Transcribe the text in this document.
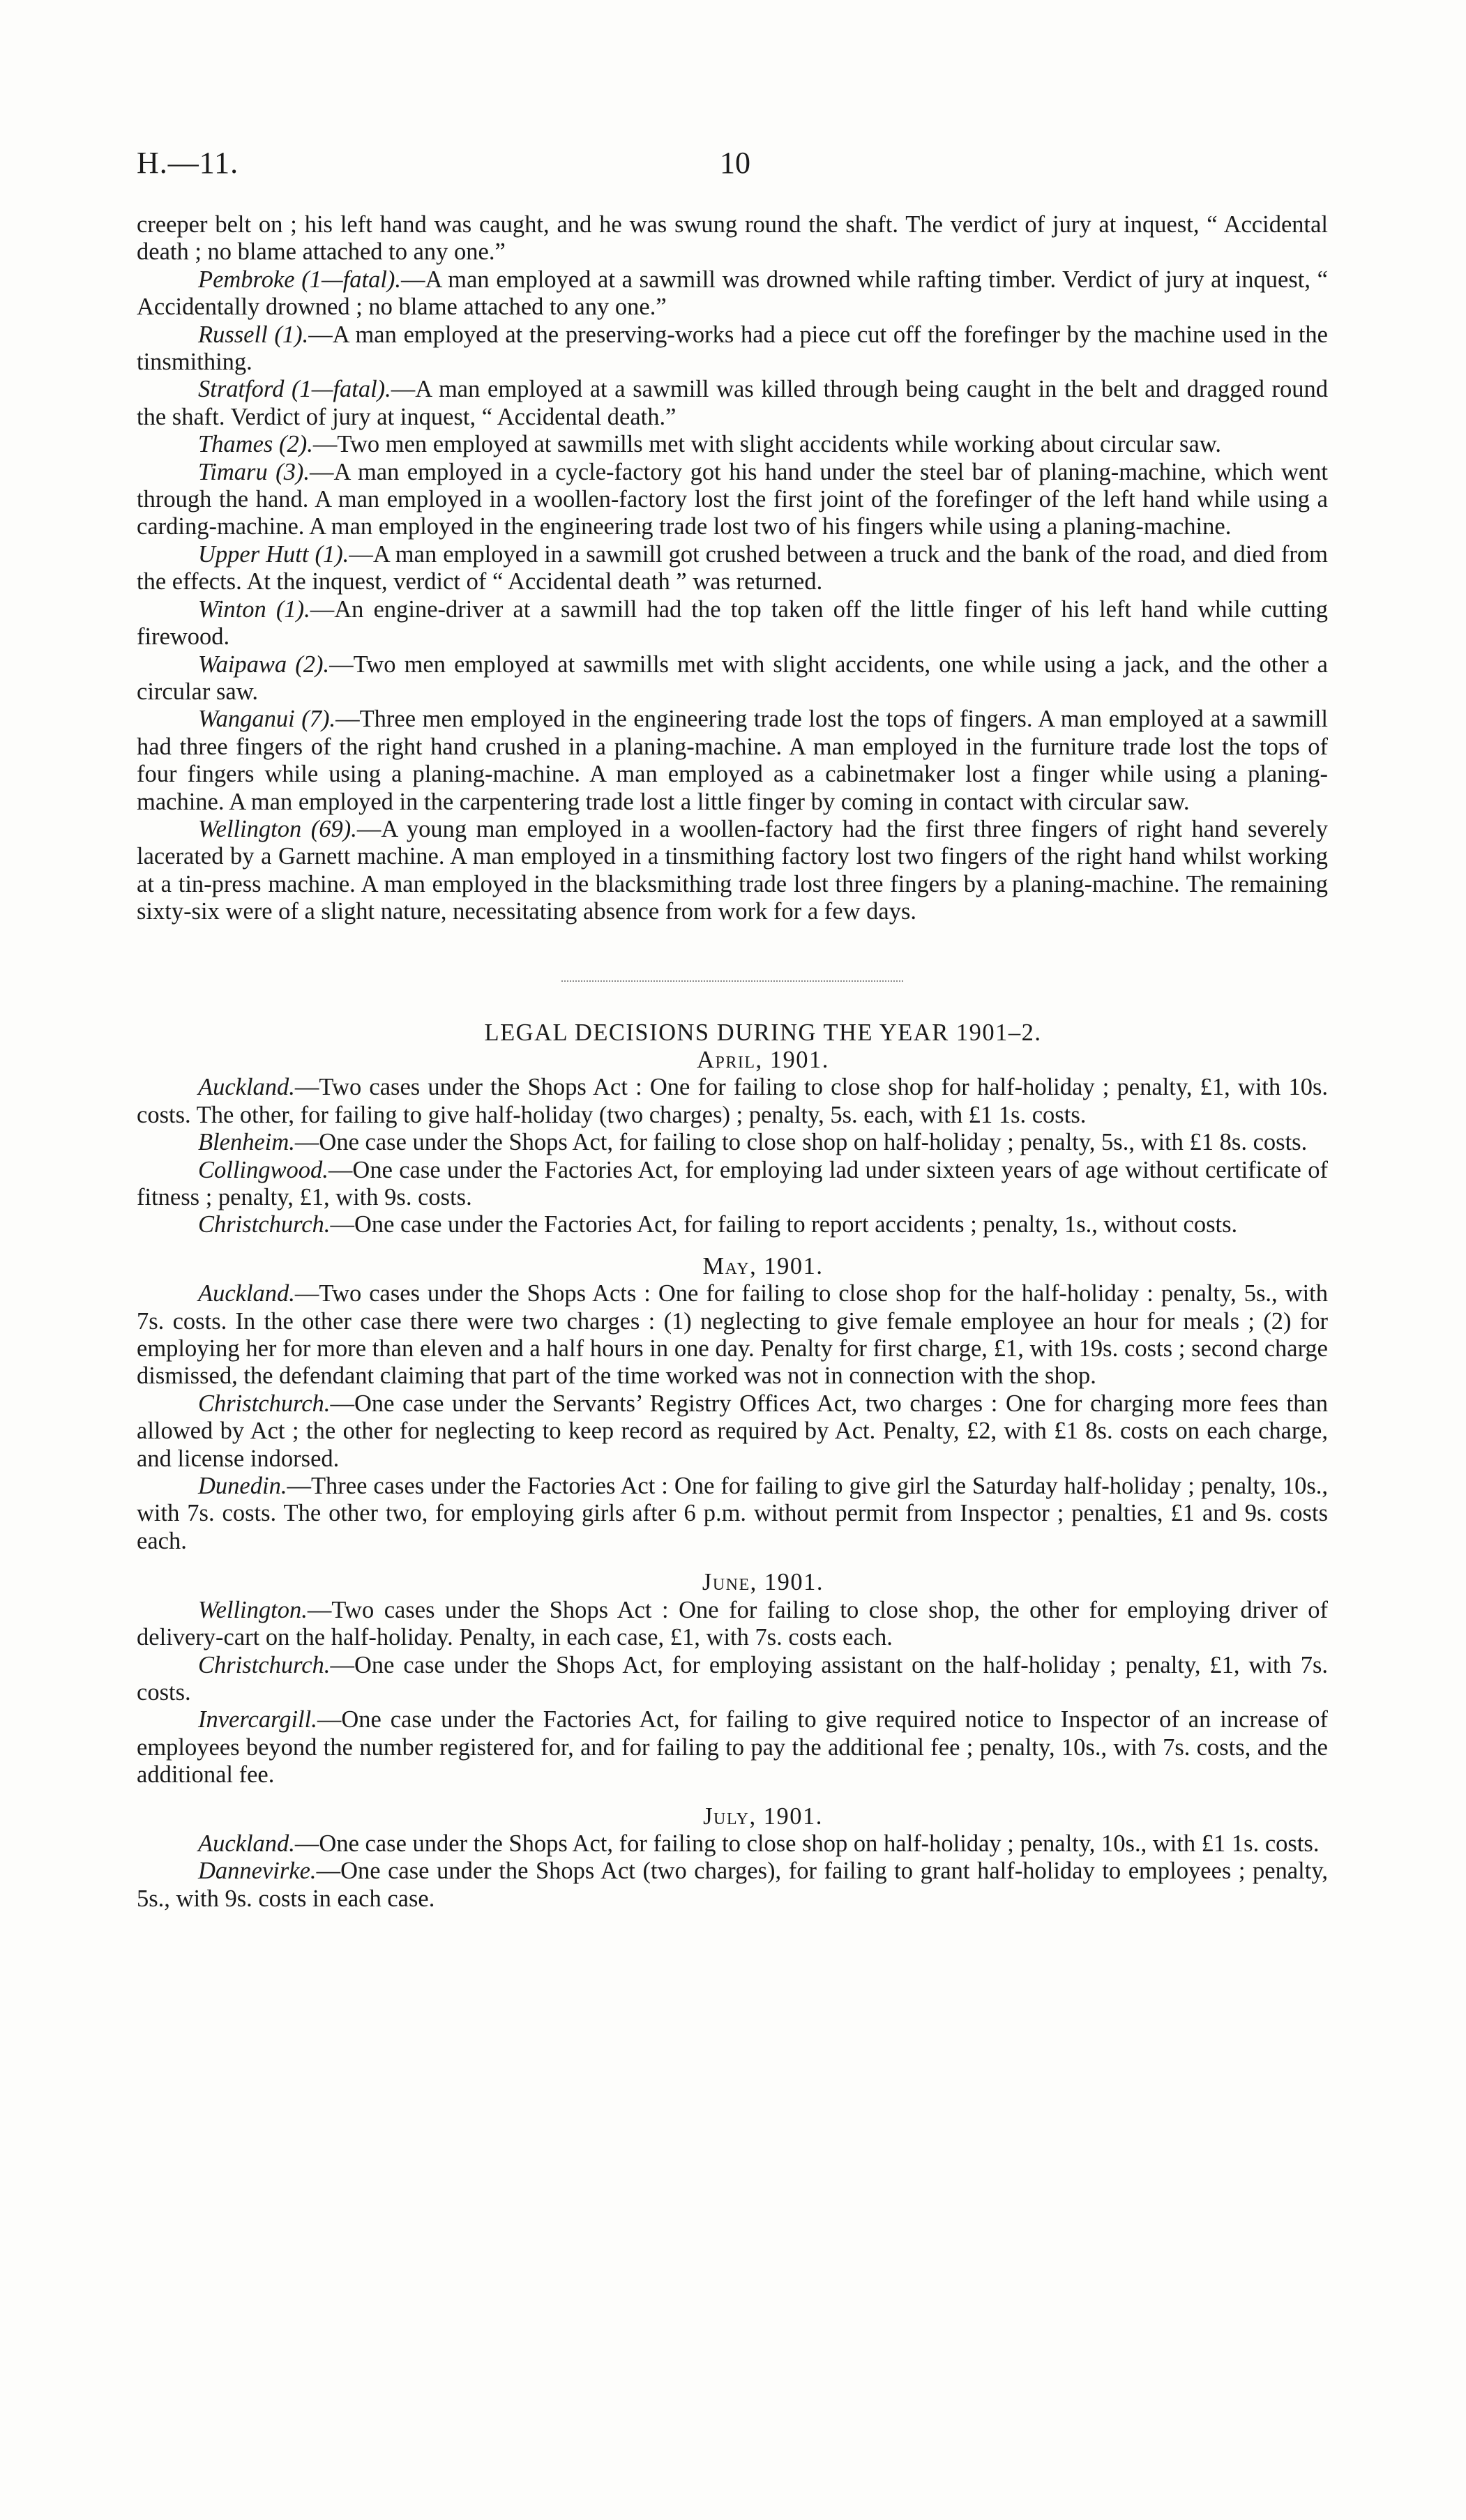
H.—11.	10

creeper belt on ; his left hand was caught, and he was swung round the shaft. The verdict of jury at inquest, “ Accidental death ; no blame attached to any one.”

Pembroke (1—fatal).—A man employed at a sawmill was drowned while rafting timber. Verdict of jury at inquest, “ Accidentally drowned ; no blame attached to any one.”

Russell (1).—A man employed at the preserving-works had a piece cut off the forefinger by the machine used in the tinsmithing.

Stratford (1—fatal).—A man employed at a sawmill was killed through being caught in the belt and dragged round the shaft. Verdict of jury at inquest, “ Accidental death.”

Thames (2).—Two men employed at sawmills met with slight accidents while working about circular saw.

Timaru (3).—A man employed in a cycle-factory got his hand under the steel bar of planing-machine, which went through the hand. A man employed in a woollen-factory lost the first joint of the forefinger of the left hand while using a carding-machine. A man employed in the engineering trade lost two of his fingers while using a planing-machine.

Upper Hutt (1).—A man employed in a sawmill got crushed between a truck and the bank of the road, and died from the effects. At the inquest, verdict of “ Accidental death ” was returned.

Winton (1).—An engine-driver at a sawmill had the top taken off the little finger of his left hand while cutting firewood.

Waipawa (2).—Two men employed at sawmills met with slight accidents, one while using a jack, and the other a circular saw.

Wanganui (7).—Three men employed in the engineering trade lost the tops of fingers. A man employed at a sawmill had three fingers of the right hand crushed in a planing-machine. A man employed in the furniture trade lost the tops of four fingers while using a planing-machine. A man employed as a cabinetmaker lost a finger while using a planing-machine. A man employed in the carpentering trade lost a little finger by coming in contact with circular saw.

Wellington (69).—A young man employed in a woollen-factory had the first three fingers of right hand severely lacerated by a Garnett machine. A man employed in a tinsmithing factory lost two fingers of the right hand whilst working at a tin-press machine. A man employed in the blacksmithing trade lost three fingers by a planing-machine. The remaining sixty-six were of a slight nature, necessitating absence from work for a few days.

LEGAL DECISIONS DURING THE YEAR 1901–2.

April, 1901.

Auckland.—Two cases under the Shops Act : One for failing to close shop for half-holiday ; penalty, £1, with 10s. costs. The other, for failing to give half-holiday (two charges) ; penalty, 5s. each, with £1 1s. costs.

Blenheim.—One case under the Shops Act, for failing to close shop on half-holiday ; penalty, 5s., with £1 8s. costs.

Collingwood.—One case under the Factories Act, for employing lad under sixteen years of age without certificate of fitness ; penalty, £1, with 9s. costs.

Christchurch.—One case under the Factories Act, for failing to report accidents ; penalty, 1s., without costs.

May, 1901.

Auckland.—Two cases under the Shops Acts : One for failing to close shop for the half-holiday : penalty, 5s., with 7s. costs. In the other case there were two charges : (1) neglecting to give female employee an hour for meals ; (2) for employing her for more than eleven and a half hours in one day. Penalty for first charge, £1, with 19s. costs ; second charge dismissed, the defendant claiming that part of the time worked was not in connection with the shop.

Christchurch.—One case under the Servants’ Registry Offices Act, two charges : One for charging more fees than allowed by Act ; the other for neglecting to keep record as required by Act. Penalty, £2, with £1 8s. costs on each charge, and license indorsed.

Dunedin.—Three cases under the Factories Act : One for failing to give girl the Saturday half-holiday ; penalty, 10s., with 7s. costs. The other two, for employing girls after 6 p.m. without permit from Inspector ; penalties, £1 and 9s. costs each.

June, 1901.

Wellington.—Two cases under the Shops Act : One for failing to close shop, the other for employing driver of delivery-cart on the half-holiday. Penalty, in each case, £1, with 7s. costs each.

Christchurch.—One case under the Shops Act, for employing assistant on the half-holiday ; penalty, £1, with 7s. costs.

Invercargill.—One case under the Factories Act, for failing to give required notice to Inspector of an increase of employees beyond the number registered for, and for failing to pay the additional fee ; penalty, 10s., with 7s. costs, and the additional fee.

July, 1901.

Auckland.—One case under the Shops Act, for failing to close shop on half-holiday ; penalty, 10s., with £1 1s. costs.

Dannevirke.—One case under the Shops Act (two charges), for failing to grant half-holiday to employees ; penalty, 5s., with 9s. costs in each case.
